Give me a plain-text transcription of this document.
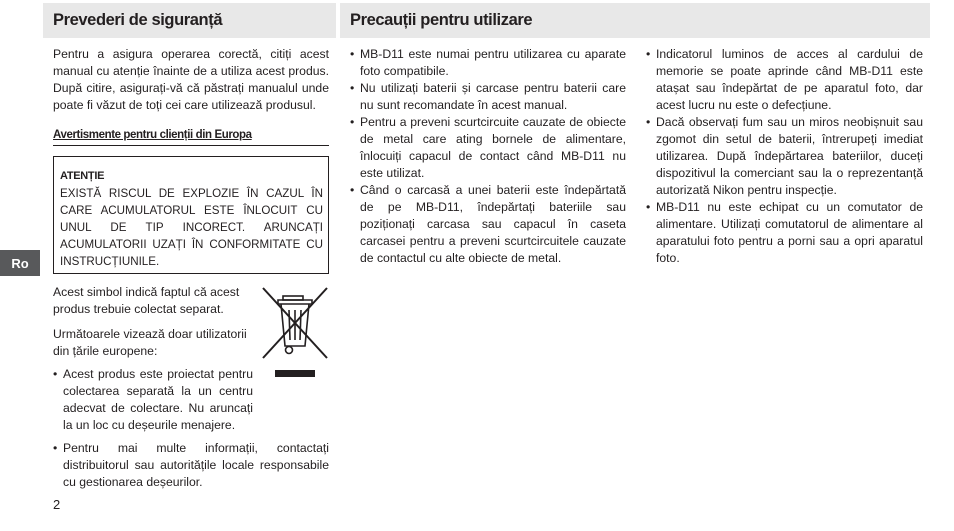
Ro
Prevederi de siguranță	Precauții pentru utilizare

Pentru a asigura operarea corectă, citiți acest manual cu atenție înainte de a utiliza acest produs. După citire, asigurați-vă că păstrați manualul unde poate fi văzut de toți cei care utilizează produsul.

Avertismente pentru clienții din Europa
ATENȚIE
EXISTĂ RISCUL DE EXPLOZIE ÎN CAZUL ÎN CARE ACUMULATORUL ESTE ÎNLOCUIT CU UNUL DE TIP INCORECT. ARUNCAȚI ACUMULATORII UZAȚI ÎN CONFORMITATE CU INSTRUCȚIUNILE.

Acest simbol indică faptul că acest produs trebuie colectat separat.

Următoarele vizează doar utilizatorii din țările europene:

• Acest produs este proiectat pentru colectarea separată la un centru adecvat de colectare. Nu aruncați la un loc cu deșeurile menajere.
• Pentru mai multe informații, contactați distribuitorul sau autoritățile locale responsabile cu gestionarea deșeurilor.
• MB-D11 este numai pentru utilizarea cu aparate foto compatibile.
• Nu utilizați baterii și carcase pentru baterii care nu sunt recomandate în acest manual.
• Pentru a preveni scurtcircuite cauzate de obiecte de metal care ating bornele de alimentare, înlocuiți capacul de contact când MB-D11 nu este utilizat.
• Când o carcasă a unei baterii este îndepărtată de pe MB-D11, îndepărtați bateriile sau poziționați carcasa sau capacul în caseta carcasei pentru a preveni scurtcircuitele cauzate de contactul cu alte obiecte de metal.
• Indicatorul luminos de acces al cardului de memorie se poate aprinde când MB-D11 este atașat sau îndepărtat de pe aparatul foto, dar acest lucru nu este o defecțiune.
• Dacă observați fum sau un miros neobișnuit sau zgomot din setul de baterii, întrerupeți imediat utilizarea. După îndepărtarea bateriilor, duceți dispozitivul la comerciant sau la o reprezentanță autorizată Nikon pentru inspecție.
• MB-D11 nu este echipat cu un comutator de alimentare. Utilizați comutatorul de alimentare al aparatului foto pentru a porni sau a opri aparatul foto.
2
